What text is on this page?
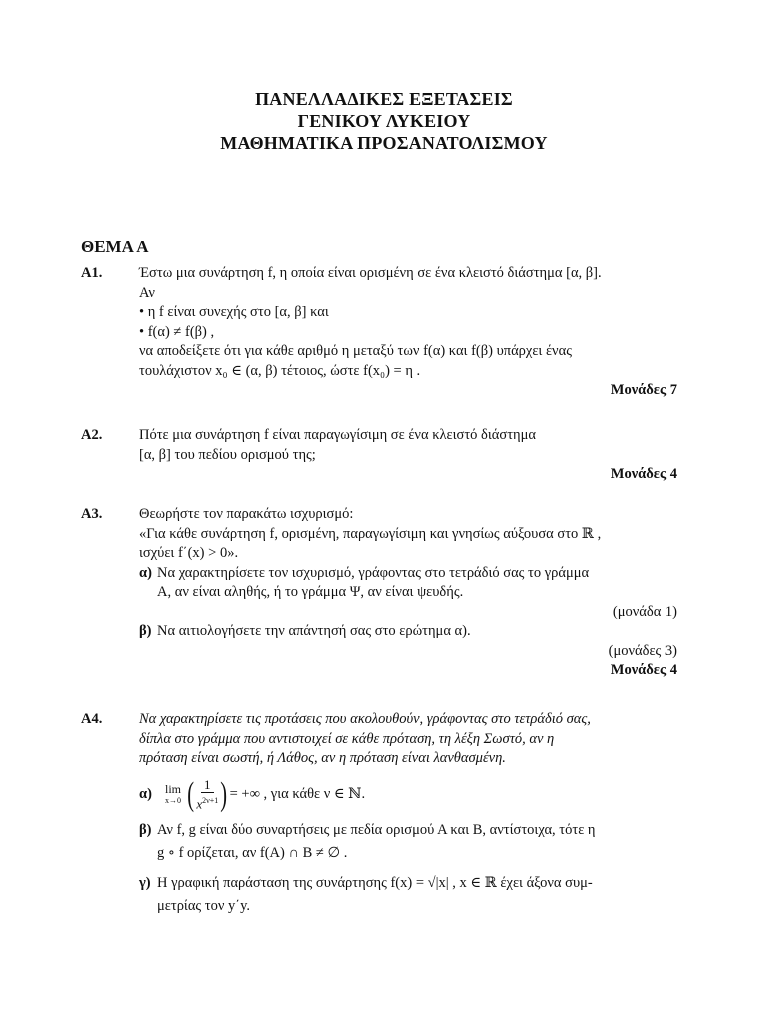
ΠΑΝΕΛΛΑΔΙΚΕΣ ΕΞΕΤΑΣΕΙΣ
ΓΕΝΙΚΟΥ ΛΥΚΕΙΟΥ
ΜΑΘΗΜΑΤΙΚΑ ΠΡΟΣΑΝΑΤΟΛΙΣΜΟΥ
ΘΕΜΑ Α
Α1.	Έστω μια συνάρτηση f, η οποία είναι ορισμένη σε ένα κλειστό διάστημα [α, β].
Αν
• η f είναι συνεχής στο [α, β] και
• f(α) ≠ f(β) ,
να αποδείξετε ότι για κάθε αριθμό η μεταξύ των f(α) και f(β) υπάρχει ένας
τουλάχιστον x₀ ∈ (α, β) τέτοιος, ώστε f(x₀) = η .
Μονάδες 7
Α2.	Πότε μια συνάρτηση f είναι παραγωγίσιμη σε ένα κλειστό διάστημα
[α, β] του πεδίου ορισμού της;
Μονάδες 4
Α3.	Θεωρήστε τον παρακάτω ισχυρισμό:
«Για κάθε συνάρτηση f, ορισμένη, παραγωγίσιμη και γνησίως αύξουσα στο ℝ ,
ισχύει f΄(x) > 0».
α) Να χαρακτηρίσετε τον ισχυρισμό, γράφοντας στο τετράδιό σας το γράμμα
Α, αν είναι αληθής, ή το γράμμα Ψ, αν είναι ψευδής.
(μονάδα 1)
β) Να αιτιολογήσετε την απάντησή σας στο ερώτημα α).
(μονάδες 3)
Μονάδες 4
Α4.	Να χαρακτηρίσετε τις προτάσεις που ακολουθούν, γράφοντας στο τετράδιό σας,
δίπλα στο γράμμα που αντιστοιχεί σε κάθε πρόταση, τη λέξη Σωστό, αν η
πρόταση είναι σωστή, ή Λάθος, αν η πρόταση είναι λανθασμένη.
α)	lim
x→0 ( $\frac{1}{x^{2\nu+1}}$ ) = +∞ , για κάθε ν ∈ ℕ.
β) Αν f, g είναι δύο συναρτήσεις με πεδία ορισμού Α και Β, αντίστοιχα, τότε η
g ∘ f ορίζεται, αν f(A) ∩ B ≠ ∅ .
γ) Η γραφική παράσταση της συνάρτησης f(x) = √|x| , x ∈ ℝ έχει άξονα συμ-
μετρίας τον y΄y.
